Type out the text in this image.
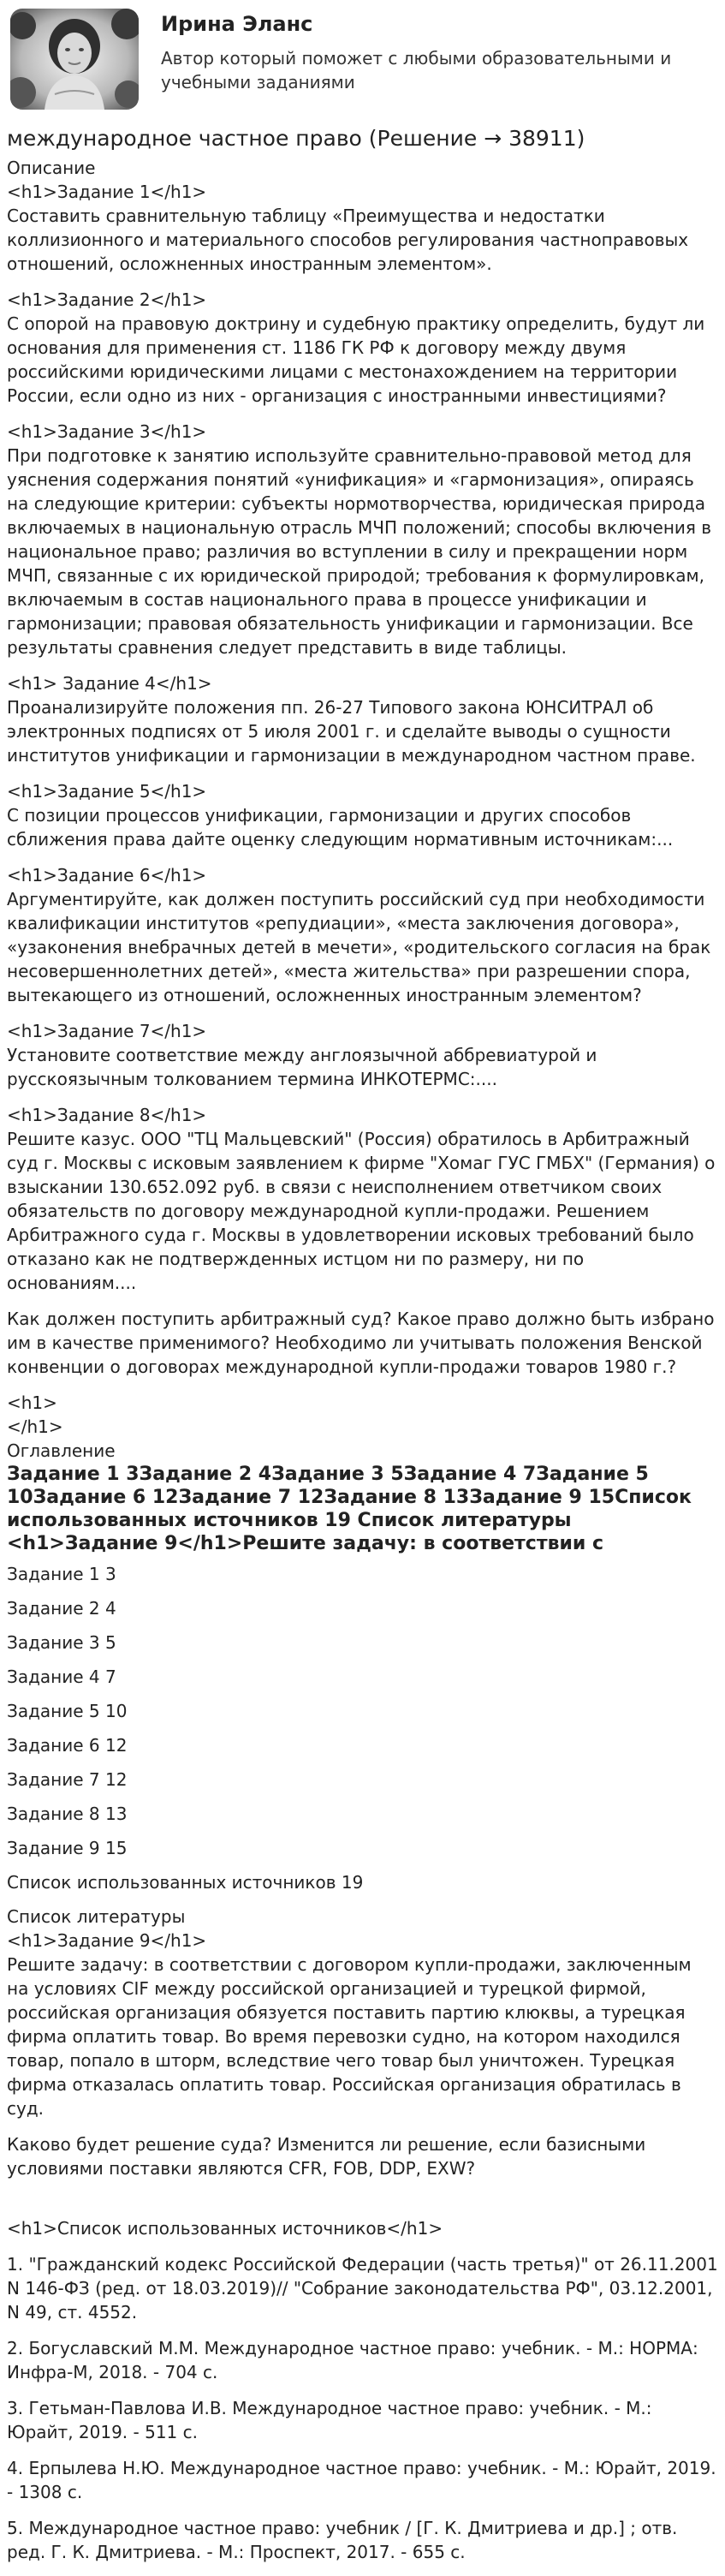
Ирина Эланс

Автор который поможет с любыми образовательными и учебными заданиями

международное частное право (Решение → 38911)

Описание

<h1>Задание 1</h1>

Составить сравнительную таблицу «Преимущества и недостатки коллизионного и материального способов регулирования частноправовых отношений, осложненных иностранным элементом».

<h1>Задание 2</h1>

С опорой на правовую доктрину и судебную практику определить, будут ли основания для применения ст. 1186 ГК РФ к договору между двумя российскими юридическими лицами с местонахождением на территории России, если одно из них - организация с иностранными инвестициями?

<h1>Задание 3</h1>

При подготовке к занятию используйте сравнительно-правовой метод для уяснения содержания понятий «унификация» и «гармонизация», опираясь на следующие критерии: субъекты нормотворчества, юридическая природа включаемых в национальную отрасль МЧП положений; способы включения в национальное право; различия во вступлении в силу и прекращении норм МЧП, связанные с их юридической природой; требования к формулировкам, включаемым в состав национального права в процессе унификации и гармонизации; правовая обязательность унификации и гармонизации. Все результаты сравнения следует представить в виде таблицы.

<h1> Задание 4</h1>

Проанализируйте положения пп. 26-27 Типового закона ЮНСИТРАЛ об электронных подписях от 5 июля 2001 г. и сделайте выводы о сущности институтов унификации и гармонизации в международном частном праве.

<h1>Задание 5</h1>

С позиции процессов унификации, гармонизации и других способов сближения права дайте оценку следующим нормативным источникам:...

<h1>Задание 6</h1>

Аргументируйте, как должен поступить российский суд при необходимости квалификации институтов «репудиации», «места заключения договора», «узаконения внебрачных детей в мечети», «родительского согласия на брак несовершеннолетних детей», «места жительства» при разрешении спора, вытекающего из отношений, осложненных иностранным элементом?

<h1>Задание 7</h1>

Установите соответствие между англоязычной аббревиатурой и русскоязычным толкованием термина ИНКОТЕРМС:....

<h1>Задание 8</h1>

Решите казус. ООО "ТЦ Мальцевский" (Россия) обратилось в Арбитражный суд г. Москвы с исковым заявлением к фирме "Хомаг ГУС ГМБХ" (Германия) о взыскании 130.652.092 руб. в связи с неисполнением ответчиком своих обязательств по договору международной купли-продажи. Решением Арбитражного суда г. Москвы в удовлетворении исковых требований было отказано как не подтвержденных истцом ни по размеру, ни по основаниям....

Как должен поступить арбитражный суд? Какое право должно быть избрано им в качестве применимого? Необходимо ли учитывать положения Венской конвенции о договорах международной купли-продажи товаров 1980 г.?

<h1>

</h1>

Оглавление

Задание 1 3Задание 2 4Задание 3 5Задание 4 7Задание 5 10Задание 6 12Задание 7 12Задание 8 13Задание 9 15Список использованных источников 19 Список литературы <h1>Задание 9</h1>Решите задачу: в соответствии с

Задание 1 3

Задание 2 4

Задание 3 5

Задание 4 7

Задание 5 10

Задание 6 12

Задание 7 12

Задание 8 13

Задание 9 15

Список использованных источников 19

Список литературы

<h1>Задание 9</h1>

Решите задачу: в соответствии с договором купли-продажи, заключенным на условиях CIF между российской организацией и турецкой фирмой, российская организация обязуется поставить партию клюквы, а турецкая фирма оплатить товар. Во время перевозки судно, на котором находился товар, попало в шторм, вследствие чего товар был уничтожен. Турецкая фирма отказалась оплатить товар. Российская организация обратилась в суд.

Каково будет решение суда? Изменится ли решение, если базисными условиями поставки являются CFR, FOB, DDP, EXW?

<h1>Список использованных источников</h1>

1. "Гражданский кодекс Российской Федерации (часть третья)" от 26.11.2001 N 146-ФЗ (ред. от 18.03.2019)// "Собрание законодательства РФ", 03.12.2001, N 49, ст. 4552.

2. Богуславский М.М. Международное частное право: учебник. - М.: НОРМА: Инфра-М, 2018. - 704 с.

3. Гетьман-Павлова И.В. Международное частное право: учебник. - М.: Юрайт, 2019. - 511 с.

4. Ерпылева Н.Ю. Международное частное право: учебник. - М.: Юрайт, 2019. - 1308 с.

5. Международное частное право: учебник / [Г. К. Дмитриева и др.] ; отв. ред. Г. К. Дмитриева. - М.: Проспект, 2017. - 655 с.
